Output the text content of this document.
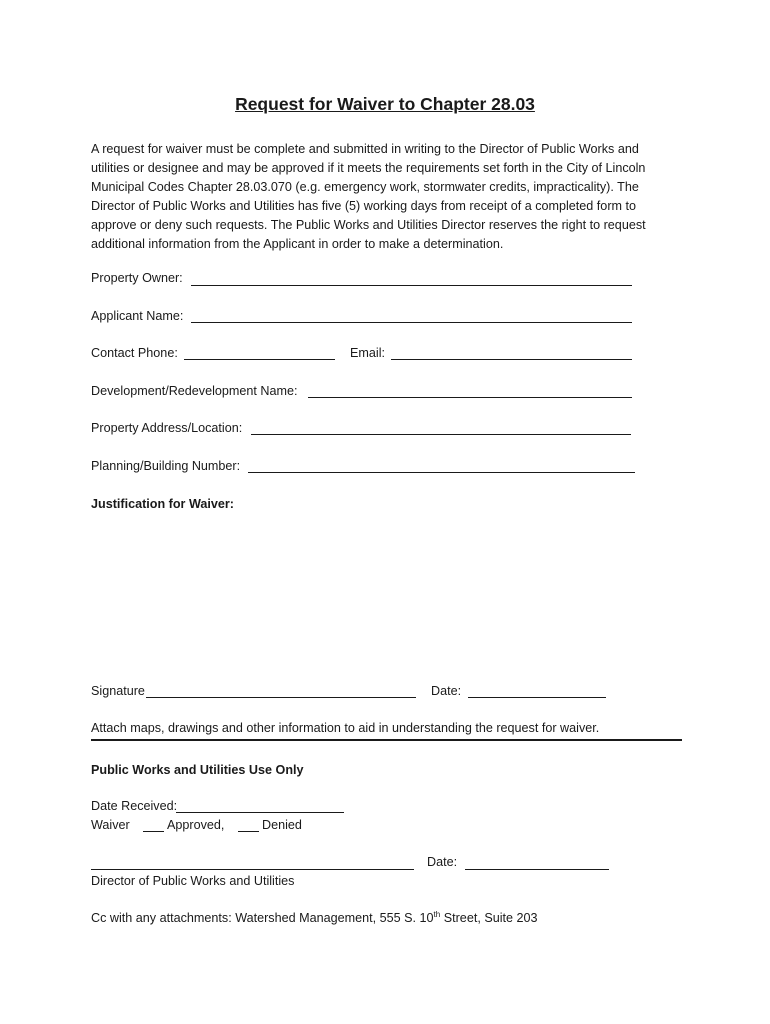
Request for Waiver to Chapter 28.03
A request for waiver must be complete and submitted in writing to the Director of Public Works and
utilities or designee and may be approved if it meets the requirements set forth in the City of Lincoln
Municipal Codes Chapter 28.03.070 (e.g. emergency work, stormwater credits, impracticality). The
Director of Public Works and Utilities has five (5) working days from receipt of a completed form to
approve or deny such requests. The Public Works and Utilities Director reserves the right to request
additional information from the Applicant in order to make a determination.
Property Owner:
Applicant Name:
Contact Phone:	Email:
Development/Redevelopment Name:
Property Address/Location:
Planning/Building Number:
Justification for Waiver:
Signature	Date:
Attach maps, drawings and other information to aid in understanding the request for waiver.
Public Works and Utilities Use Only
Date Received:
Waiver	Approved,	Denied
Date:
Director of Public Works and Utilities
Cc with any attachments: Watershed Management, 555 S. 10th Street, Suite 203
